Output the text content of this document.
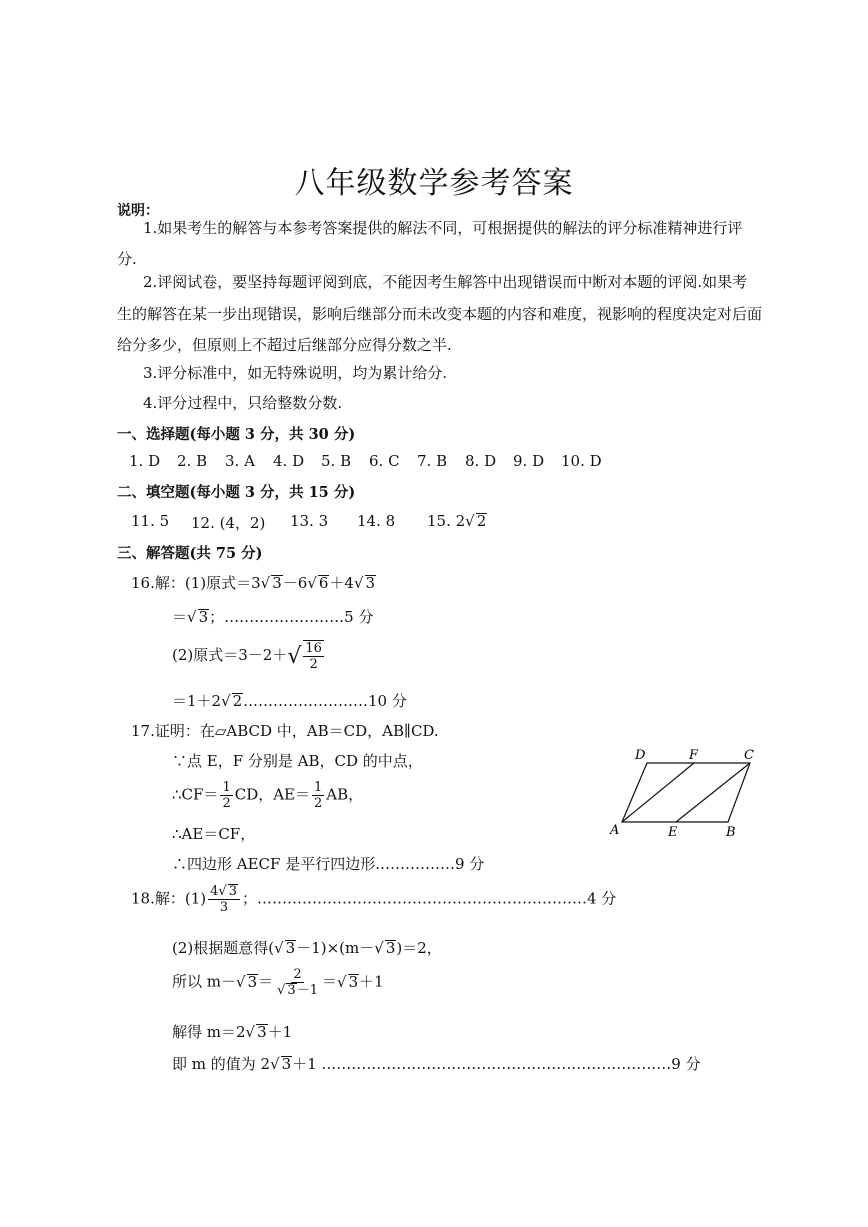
八年级数学参考答案
说明：
1.如果考生的解答与本参考答案提供的解法不同，可根据提供的解法的评分标准精神进行评
分.
2.评阅试卷，要坚持每题评阅到底，不能因考生解答中出现错误而中断对本题的评阅.如果考
生的解答在某一步出现错误，影响后继部分而未改变本题的内容和难度，视影响的程度决定对后面
给分多少，但原则上不超过后继部分应得分数之半.
3.评分标准中，如无特殊说明，均为累计给分.
4.评分过程中，只给整数分数.
一、选择题(每小题 3 分，共 30 分)
1. D 2. B 3. A 4. D 5. B 6. C 7. B 8. D 9. D 10. D
二、填空题(每小题 3 分，共 15 分)
11. 5 12. (4，2) 13. 3 14. 8 15. 2√ 2
三、解答题(共 75 分)
16.解：(1)原式＝3√ 3－6√ 6＋4√ 3
＝√ 3；……………………5 分
(2)原式$=3-2+√ \frac{16}{2}$
＝1＋2√ 2.……………………10 分
17.证明：在▱ABCD 中，AB＝CD，AB∥CD.
∵点 E，F 分别是 AB，CD 的中点，
∴CF＝ $\frac{1}{2}$ CD，$AE= \frac{1}{2}$ AB，
∴AE＝CF，
∴四边形 AECF 是平行四边形.……………9 分
D	F	C
A	E	B
18.解：$(1) \frac{4√ 3}{3}$ ；…………………………………………………………4 分
(2)根据题意得(√ 3－1)×(m－√ 3)＝2，
所以 m－√ 3＝ 2
√ 3－1 ＝√ 3＋1
解得 m＝2√ 3＋1
即 m 的值为 2√ 3＋1 .……………………………………………………………9 分
